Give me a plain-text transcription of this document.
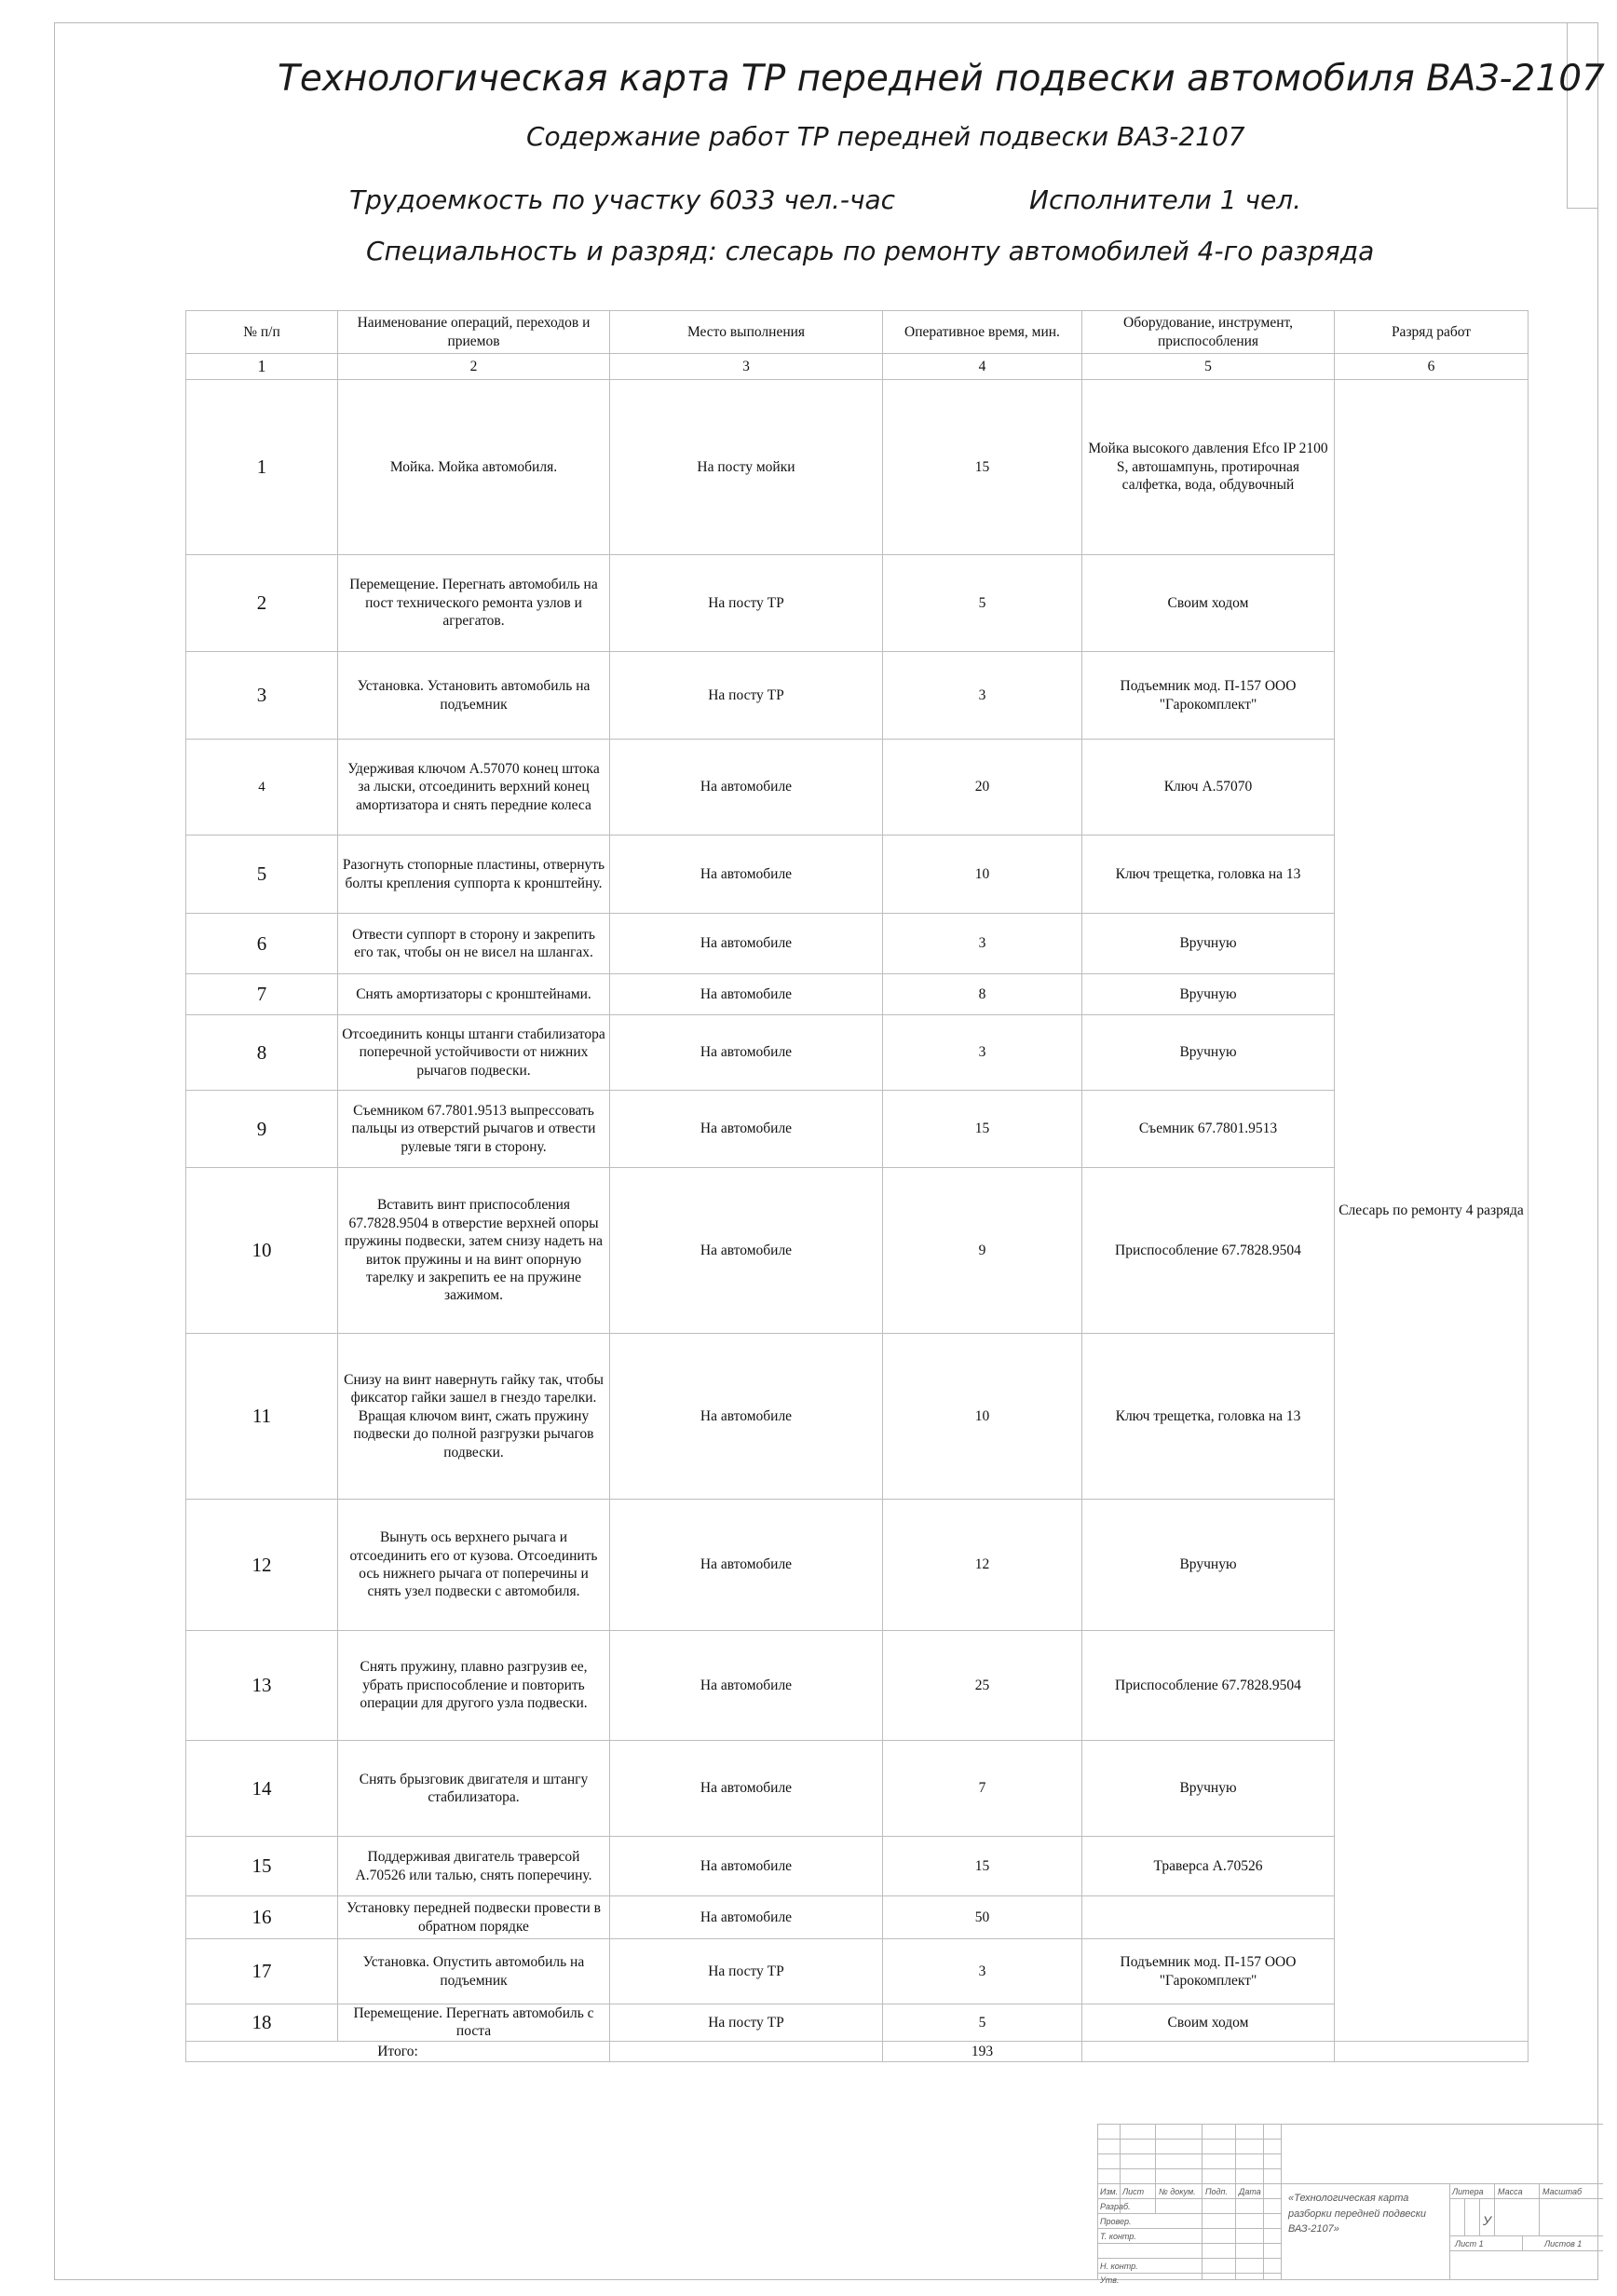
Технологическая карта ТР передней подвески автомобиля ВАЗ-2107
Содержание работ ТР передней подвески ВАЗ-2107
Трудоемкость по участку 6033 чел.-час	Исполнители 1 чел.
Специальность и разряд: слесарь по ремонту автомобилей 4-го разряда
№ п/п	Наименование операций, переходов и приемов	Место выполнения	Оперативное время, мин.	Оборудование, инструмент, приспособления	Разряд работ
1	2	3	4	5	6
1	Мойка. Мойка автомобиля.	На посту мойки	15	Мойка высокого давления Efco IP 2100 S, автошампунь, протирочная салфетка, вода, обдувочный	Слесарь по ремонту 4 разряда
2	Перемещение. Перегнать автомобиль на пост технического ремонта узлов и агрегатов.	На посту ТР	5	Своим ходом	
3	Установка. Установить автомобиль на подъемник	На посту ТР	3	Подъемник мод. П-157 ООО "Гарокомплект"	
4	Удерживая ключом А.57070 конец штока за лыски, отсоединить верхний конец амортизатора и снять передние колеса	На автомобиле	20	Ключ А.57070	
5	Разогнуть стопорные пластины, отвернуть болты крепления суппорта к кронштейну.	На автомобиле	10	Ключ трещетка, головка на 13	
6	Отвести суппорт в сторону и закрепить его так, чтобы он не висел на шлангах.	На автомобиле	3	Вручную	
7	Снять амортизаторы с кронштейнами.	На автомобиле	8	Вручную	
8	Отсоединить концы штанги стабилизатора поперечной устойчивости от нижних рычагов подвески.	На автомобиле	3	Вручную	
9	Съемником 67.7801.9513 выпрессовать пальцы из отверстий рычагов и отвести рулевые тяги в сторону.	На автомобиле	15	Съемник 67.7801.9513	
10	Вставить винт приспособления 67.7828.9504 в отверстие верхней опоры пружины подвески, затем снизу надеть на виток пружины и на винт опорную тарелку и закрепить ее на пружине зажимом.	На автомобиле	9	Приспособление 67.7828.9504	
11	Снизу на винт навернуть гайку так, чтобы фиксатор гайки зашел в гнездо тарелки. Вращая ключом винт, сжать пружину подвески до полной разгрузки рычагов подвески.	На автомобиле	10	Ключ трещетка, головка на 13	
12	Вынуть ось верхнего рычага и отсоединить его от кузова. Отсоединить ось нижнего рычага от поперечины и снять узел подвески с автомобиля.	На автомобиле	12	Вручную	
13	Снять пружину, плавно разгрузив ее, убрать приспособление и повторить операции для другого узла подвески.	На автомобиле	25	Приспособление 67.7828.9504	
14	Снять брызговик двигателя и штангу стабилизатора.	На автомобиле	7	Вручную	
15	Поддерживая двигатель траверсой А.70526 или талью, снять поперечину.	На автомобиле	15	Траверса А.70526	
16	Установку передней подвески провести в обратном порядке	На автомобиле	50		
17	Установка. Опустить автомобиль на подъемник	На посту ТР	3	Подъемник мод. П-157 ООО "Гарокомплект"	
18	Перемещение. Перегнать автомобиль с поста	На посту ТР	5	Своим ходом	
Итого:			193		
Изм. Лист № докум. Подп. Дата
Разраб.
Провер.
Т. контр.
Н. контр.
Утв.
Литера Масса Масштаб
Лист 1	Листов 1
У
«Технологическая карта разборки передней подвески ВАЗ-2107»
